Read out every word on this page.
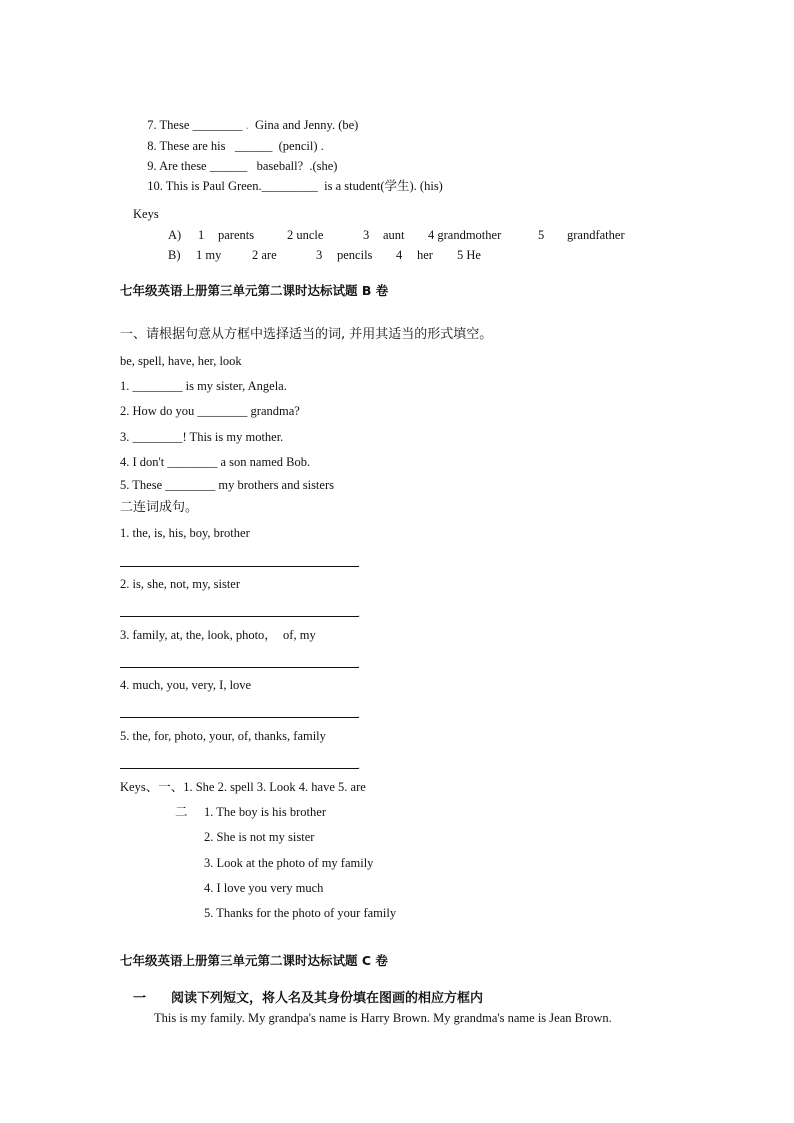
7. These ________ . Gina and Jenny. (be)

8. These are his ______ (pencil) .

9. Are these ______ baseball?  .(she)

10. This is Paul Green._________ is a student(学生). (his)

Keys
A) 1 parents	2 uncle	3 aunt 4 grandmother	5 grandfather
B) 1 my 2 are	3 pencils 4 her 5 He
七年级英语上册第三单元第二课时达标试题 B 卷
一、请根据句意从方框中选择适当的词, 并用其适当的形式填空。
be, spell, have, her, look
1. ________ is my sister, Angela.
2. How do you ________ grandma?
3. ________! This is my mother.
4. I don't ________ a son named Bob.
5. These ________ my brothers and sisters
二连词成句。
1. the, is, his, boy, brother
.
2. is, she, not, my, sister
.
3. family, at, the, look, photo，  of, my
.
4. much, you, very, I, love
.
5. the, for, photo, your, of, thanks, family
.
Keys、一、1. She 2. spell 3. Look 4. have 5. are
二 1. The boy is his brother
2. She is not my sister
3. Look at the photo of my family
4. I love you very much
5. Thanks for the photo of your family
七年级英语上册第三单元第二课时达标试题 C 卷
一 阅读下列短文，将人名及其身份填在图画的相应方框内
This is my family. My grandpa's name is Harry Brown. My grandma's name is Jean Brown.
